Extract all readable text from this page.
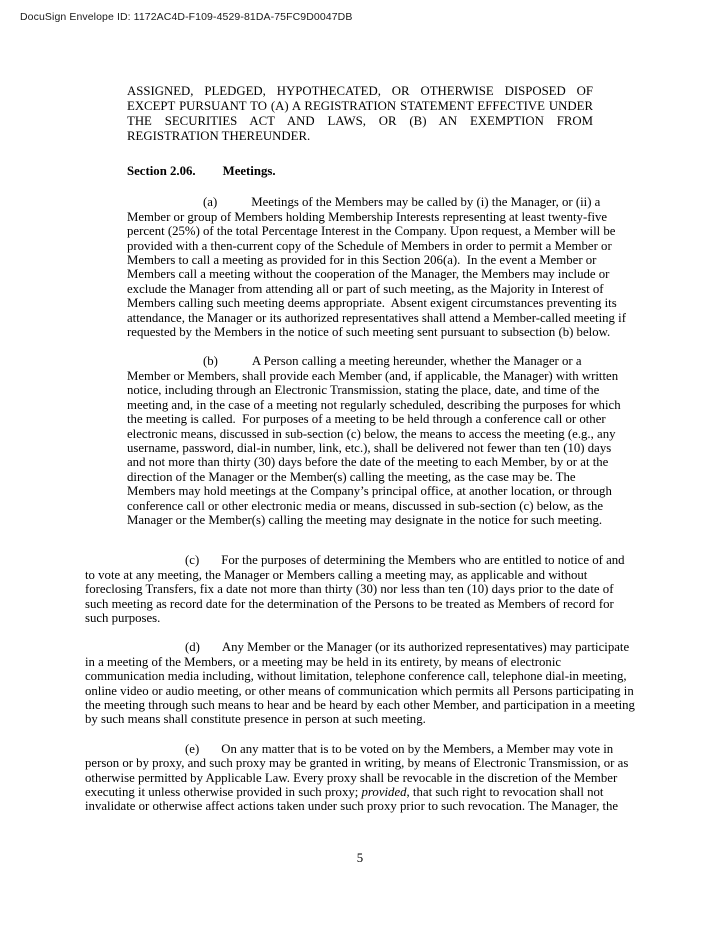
DocuSign Envelope ID: 1172AC4D-F109-4529-81DA-75FC9D0047DB

ASSIGNED, PLEDGED, HYPOTHECATED, OR OTHERWISE DISPOSED OF EXCEPT PURSUANT TO (A) A REGISTRATION STATEMENT EFFECTIVE UNDER THE SECURITIES ACT AND LAWS, OR (B) AN EXEMPTION FROM REGISTRATION THEREUNDER.

Section 2.06. Meetings.

(a)	Meetings of the Members may be called by (i) the Manager, or (ii) a Member or group of Members holding Membership Interests representing at least twenty-five percent (25%) of the total Percentage Interest in the Company. Upon request, a Member will be provided with a then-current copy of the Schedule of Members in order to permit a Member or Members to call a meeting as provided for in this Section 206(a).  In the event a Member or Members call a meeting without the cooperation of the Manager, the Members may include or exclude the Manager from attending all or part of such meeting, as the Majority in Interest of Members calling such meeting deems appropriate.  Absent exigent circumstances preventing its attendance, the Manager or its authorized representatives shall attend a Member-called meeting if requested by the Members in the notice of such meeting sent pursuant to subsection (b) below.

(b)	A Person calling a meeting hereunder, whether the Manager or a Member or Members, shall provide each Member (and, if applicable, the Manager) with written notice, including through an Electronic Transmission, stating the place, date, and time of the meeting and, in the case of a meeting not regularly scheduled, describing the purposes for which the meeting is called.  For purposes of a meeting to be held through a conference call or other electronic means, discussed in sub-section (c) below, the means to access the meeting (e.g., any username, password, dial-in number, link, etc.), shall be delivered not fewer than ten (10) days and not more than thirty (30) days before the date of the meeting to each Member, by or at the direction of the Manager or the Member(s) calling the meeting, as the case may be. The Members may hold meetings at the Company’s principal office, at another location, or through conference call or other electronic media or means, discussed in sub-section (c) below, as the Manager or the Member(s) calling the meeting may designate in the notice for such meeting.

(c) For the purposes of determining the Members who are entitled to notice of and to vote at any meeting, the Manager or Members calling a meeting may, as applicable and without foreclosing Transfers, fix a date not more than thirty (30) nor less than ten (10) days prior to the date of such meeting as record date for the determination of the Persons to be treated as Members of record for such purposes.

(d) Any Member or the Manager (or its authorized representatives) may participate in a meeting of the Members, or a meeting may be held in its entirety, by means of electronic communication media including, without limitation, telephone conference call, telephone dial-in meeting, online video or audio meeting, or other means of communication which permits all Persons participating in the meeting through such means to hear and be heard by each other Member, and participation in a meeting by such means shall constitute presence in person at such meeting.

(e) On any matter that is to be voted on by the Members, a Member may vote in person or by proxy, and such proxy may be granted in writing, by means of Electronic Transmission, or as otherwise permitted by Applicable Law. Every proxy shall be revocable in the discretion of the Member executing it unless otherwise provided in such proxy; provided, that such right to revocation shall not invalidate or otherwise affect actions taken under such proxy prior to such revocation. The Manager, the

5
